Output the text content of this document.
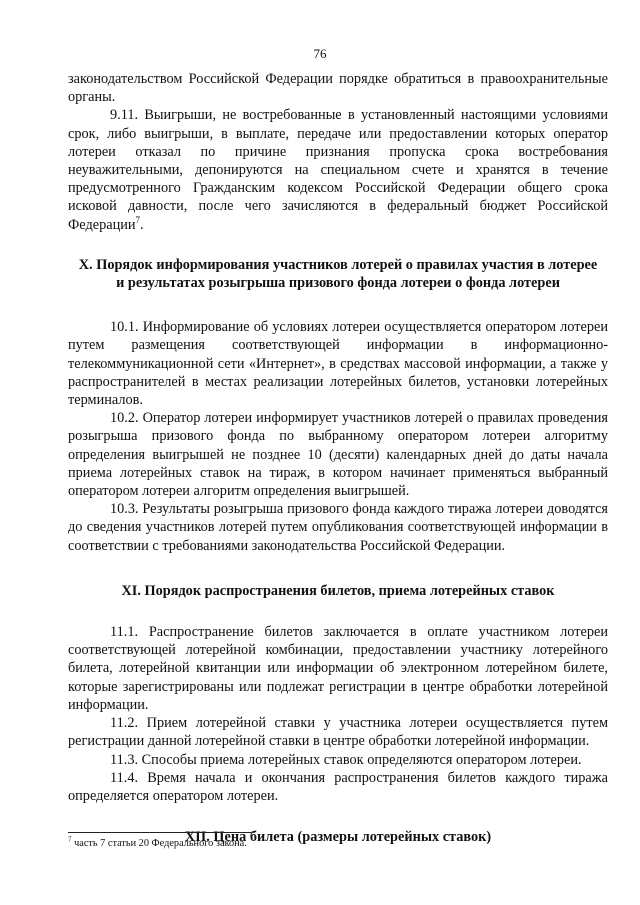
76

законодательством Российской Федерации порядке обратиться в правоохранительные органы.

9.11. Выигрыши, не востребованные в установленный настоящими условиями срок, либо выигрыши, в выплате, передаче или предоставлении которых оператор лотереи отказал по причине признания пропуска срока востребования неуважительными, депонируются на специальном счете и хранятся в течение предусмотренного Гражданским кодексом Российской Федерации общего срока исковой давности, после чего зачисляются в федеральный бюджет Российской Федерации$^7$.

X. Порядок информирования участников лотерей о правилах участия в лотерее
и результатах розыгрыша призового фонда лотереи о фонда лотереи

10.1. Информирование об условиях лотереи осуществляется оператором лотереи путем размещения соответствующей информации в информационно-телекоммуникационной сети «Интернет», в средствах массовой информации, а также у распространителей в местах реализации лотерейных билетов, установки лотерейных терминалов.

10.2. Оператор лотереи информирует участников лотерей о правилах проведения розыгрыша призового фонда по выбранному оператором лотереи алгоритму определения выигрышей не позднее 10 (десяти) календарных дней до даты начала приема лотерейных ставок на тираж, в котором начинает применяться выбранный оператором лотереи алгоритм определения выигрышей.

10.3. Результаты розыгрыша призового фонда каждого тиража лотереи доводятся до сведения участников лотерей путем опубликования соответствующей информации в соответствии с требованиями законодательства Российской Федерации.

XI. Порядок распространения билетов, приема лотерейных ставок

11.1. Распространение билетов заключается в оплате участником лотереи соответствующей лотерейной комбинации, предоставлении участнику лотерейного билета, лотерейной квитанции или информации об электронном лотерейном билете, которые зарегистрированы или подлежат регистрации в центре обработки лотерейной информации.

11.2. Прием лотерейной ставки у участника лотереи осуществляется путем регистрации данной лотерейной ставки в центре обработки лотерейной информации.

11.3. Способы приема лотерейных ставок определяются оператором лотереи.

11.4. Время начала и окончания распространения билетов каждого тиража определяется оператором лотереи.

XII. Цена билета (размеры лотерейных ставок)
$^7$ часть 7 статьи 20 Федерального закона.
